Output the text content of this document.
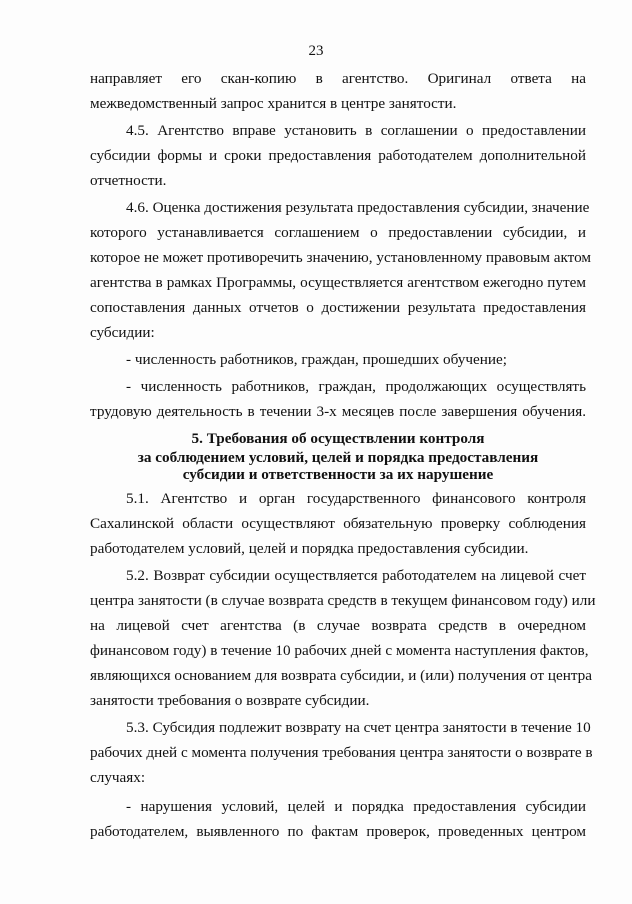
23
направляет его скан-копию в агентство. Оригинал ответа на
межведомственный запрос хранится в центре занятости.
4.5. Агентство вправе установить в соглашении о предоставлении
субсидии формы и сроки предоставления работодателем дополнительной
отчетности.
4.6. Оценка достижения результата предоставления субсидии, значение
которого устанавливается соглашением о предоставлении субсидии, и
которое не может противоречить значению, установленному правовым актом
агентства в рамках Программы, осуществляется агентством ежегодно путем
сопоставления данных отчетов о достижении результата предоставления
субсидии:
- численность работников, граждан, прошедших обучение;
- численность работников, граждан, продолжающих осуществлять
трудовую деятельность в течении 3-х месяцев после завершения обучения.
5. Требования об осуществлении контроля
за соблюдением условий, целей и порядка предоставления
субсидии и ответственности за их нарушение
5.1. Агентство и орган государственного финансового контроля
Сахалинской области осуществляют обязательную проверку соблюдения
работодателем условий, целей и порядка предоставления субсидии.
5.2. Возврат субсидии осуществляется работодателем на лицевой счет
центра занятости (в случае возврата средств в текущем финансовом году) или
на лицевой счет агентства (в случае возврата средств в очередном
финансовом году) в течение 10 рабочих дней с момента наступления фактов,
являющихся основанием для возврата субсидии, и (или) получения от центра
занятости требования о возврате субсидии.
5.3. Субсидия подлежит возврату на счет центра занятости в течение 10
рабочих дней с момента получения требования центра занятости о возврате в
случаях:
- нарушения условий, целей и порядка предоставления субсидии
работодателем, выявленного по фактам проверок, проведенных центром
